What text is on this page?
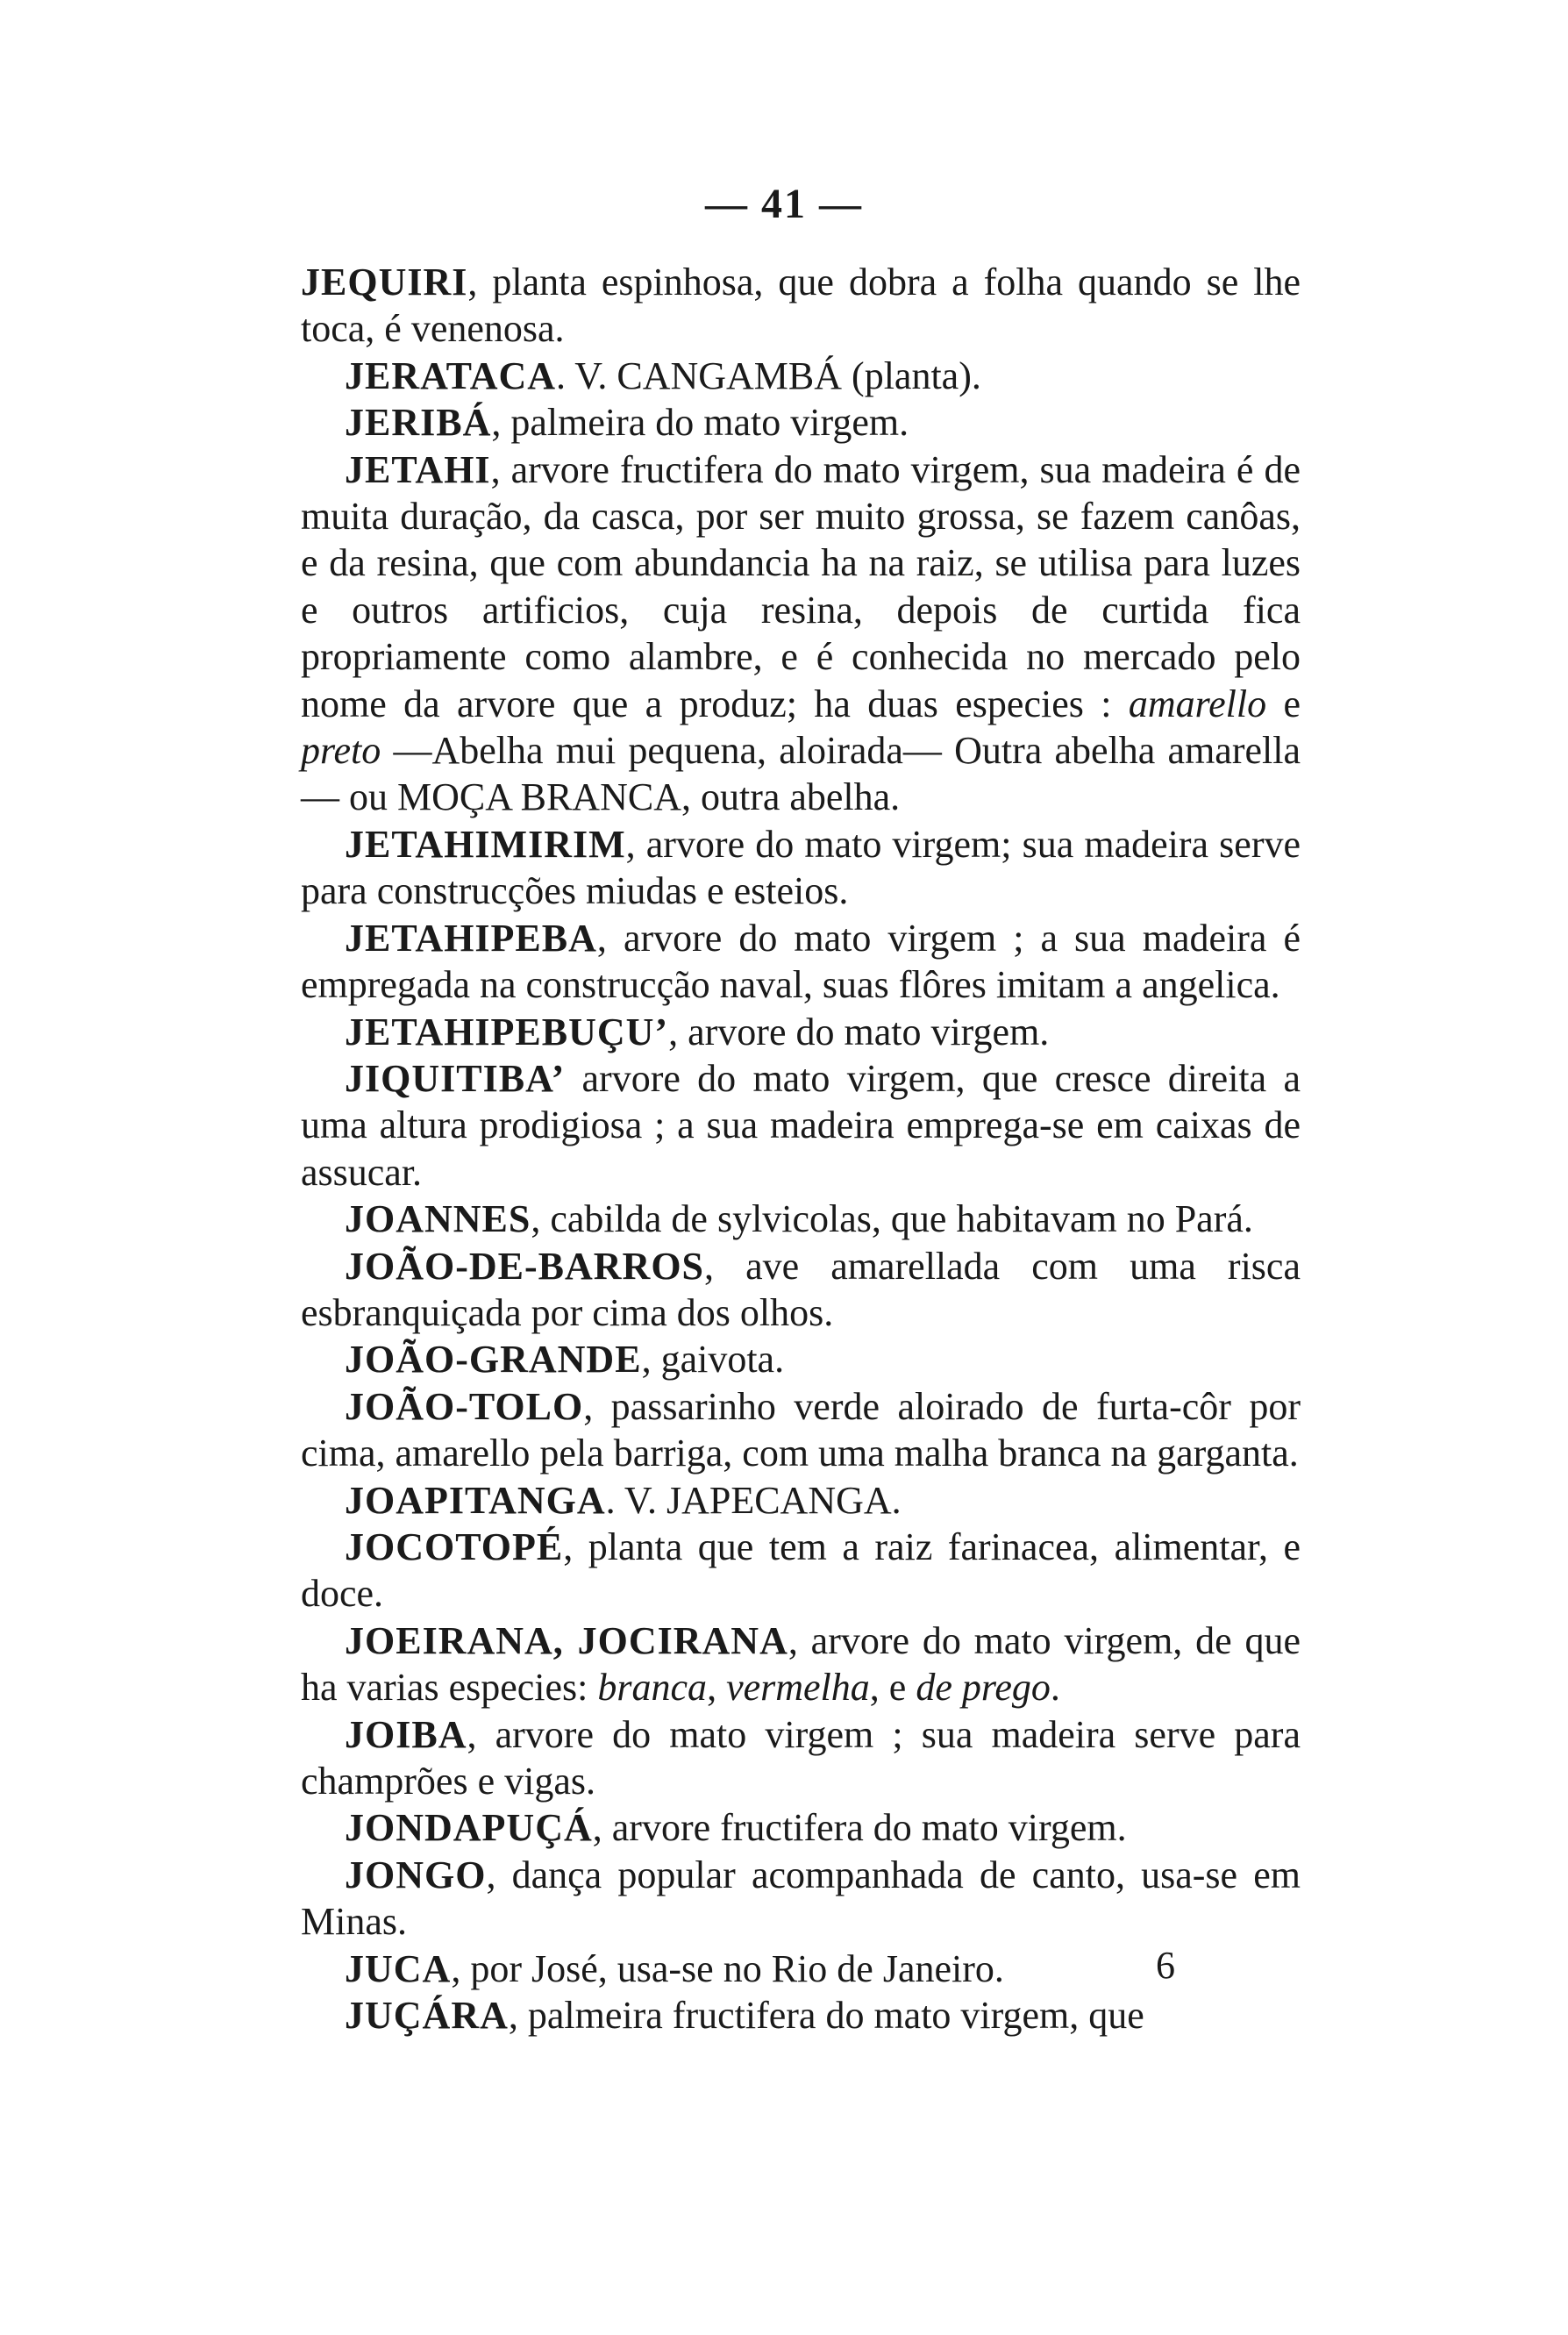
— 41 —

JEQUIRI, planta espinhosa, que dobra a folha quando se lhe toca, é venenosa.

JERATACA. V. CANGAMBÁ (planta).

JERIBÁ, palmeira do mato virgem.

JETAHI, arvore fructifera do mato virgem, sua madeira é de muita duração, da casca, por ser muito grossa, se fazem canôas, e da resina, que com abundancia ha na raiz, se utilisa para luzes e outros artificios, cuja resina, depois de curtida fica propriamente como alambre, e é conhecida no mercado pelo nome da arvore que a produz; ha duas especies : amarello e preto —Abelha mui pequena, aloirada— Outra abelha amarella— ou MOÇA BRANCA, outra abelha.

JETAHIMIRIM, arvore do mato virgem; sua madeira serve para construcções miudas e esteios.

JETAHIPEBA, arvore do mato virgem ; a sua madeira é empregada na construcção naval, suas flôres imitam a angelica.

JETAHIPEBUÇU’, arvore do mato virgem.

JIQUITIBA’ arvore do mato virgem, que cresce direita a uma altura prodigiosa ; a sua madeira emprega-se em caixas de assucar.

JOANNES, cabilda de sylvicolas, que habitavam no Pará.

JOÃO-DE-BARROS, ave amarellada com uma risca esbranquiçada por cima dos olhos.

JOÃO-GRANDE, gaivota.

JOÃO-TOLO, passarinho verde aloirado de furta-côr por cima, amarello pela barriga, com uma malha branca na garganta.

JOAPITANGA. V. JAPECANGA.

JOCOTOPÉ, planta que tem a raiz farinacea, alimentar, e doce.

JOEIRANA, JOCIRANA, arvore do mato virgem, de que ha varias especies: branca, vermelha, e de prego.

JOIBA, arvore do mato virgem ; sua madeira serve para champrões e vigas.

JONDAPUÇÁ, arvore fructifera do mato virgem.

JONGO, dança popular acompanhada de canto, usa-se em Minas.

JUCA, por José, usa-se no Rio de Janeiro.

JUÇÁRA, palmeira fructifera do mato virgem, que

6
